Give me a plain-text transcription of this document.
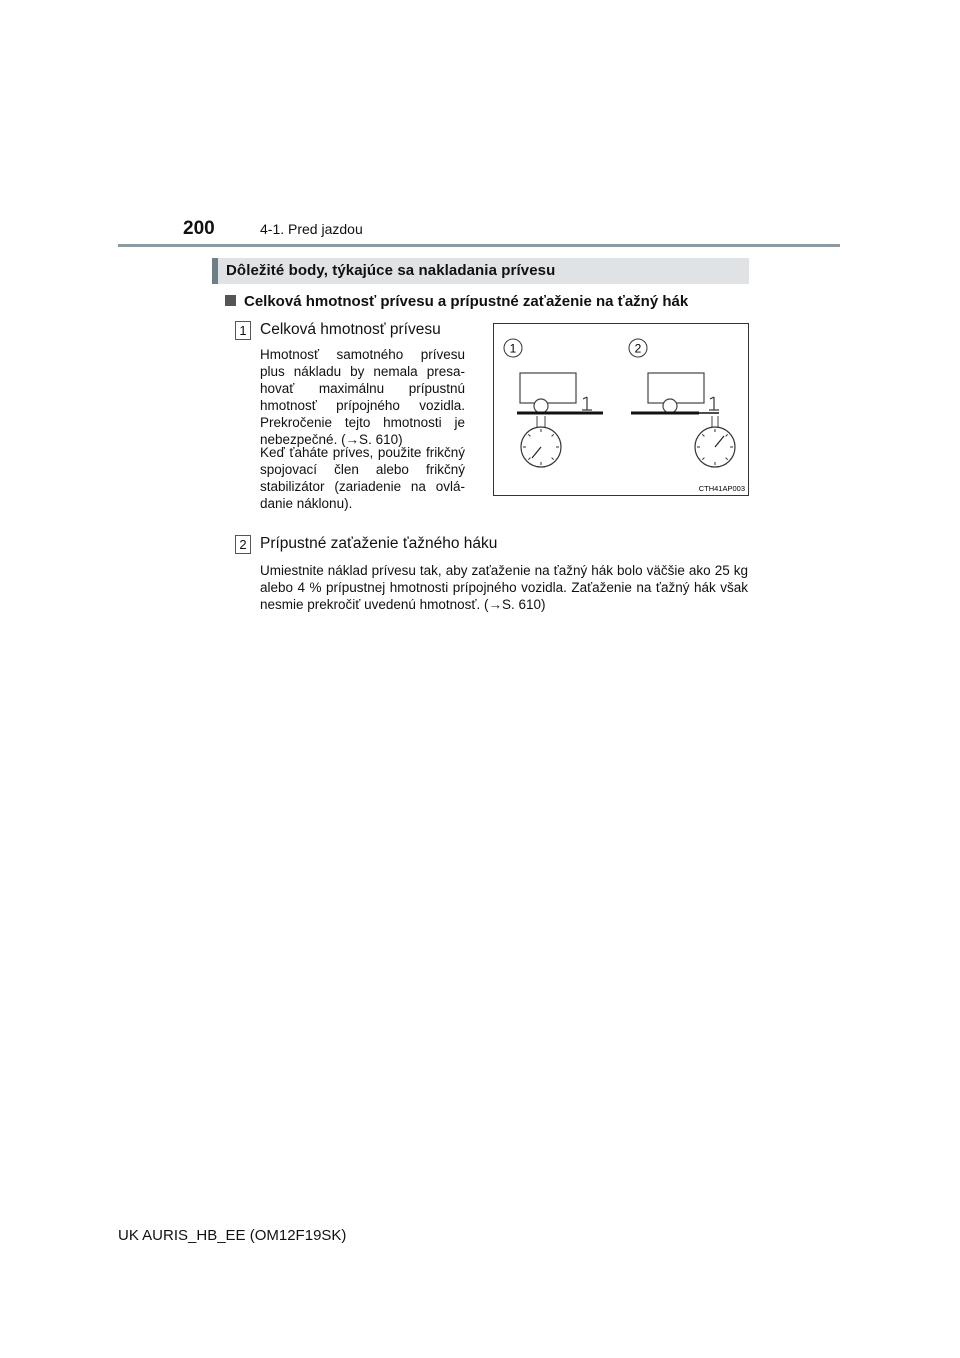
200	4-1. Pred jazdou
Dôležité body, týkajúce sa nakladania prívesu
Celková hmotnosť prívesu a prípustné zaťaženie na ťažný hák
1 Celková hmotnosť prívesu
Hmotnosť samotného prívesu plus nákladu by nemala presahovať maximálnu prípustnú hmotnosť prípojného vozidla. Prekročenie tejto hmotnosti je nebezpečné. (→S. 610)
Keď ťaháte príves, použite frikčný spojovací člen alebo frikčný stabilizátor (zariadenie na ovládanie náklonu).
2 Prípustné zaťaženie ťažného háku
Umiestnite náklad prívesu tak, aby zaťaženie na ťažný hák bolo väčšie ako 25 kg alebo 4 % prípustnej hmotnosti prípojného vozidla. Zaťaženie na ťažný hák však nesmie prekročiť uvedenú hmotnosť. (→S. 610)
1	2
CTH41AP003
UK AURIS_HB_EE (OM12F19SK)
